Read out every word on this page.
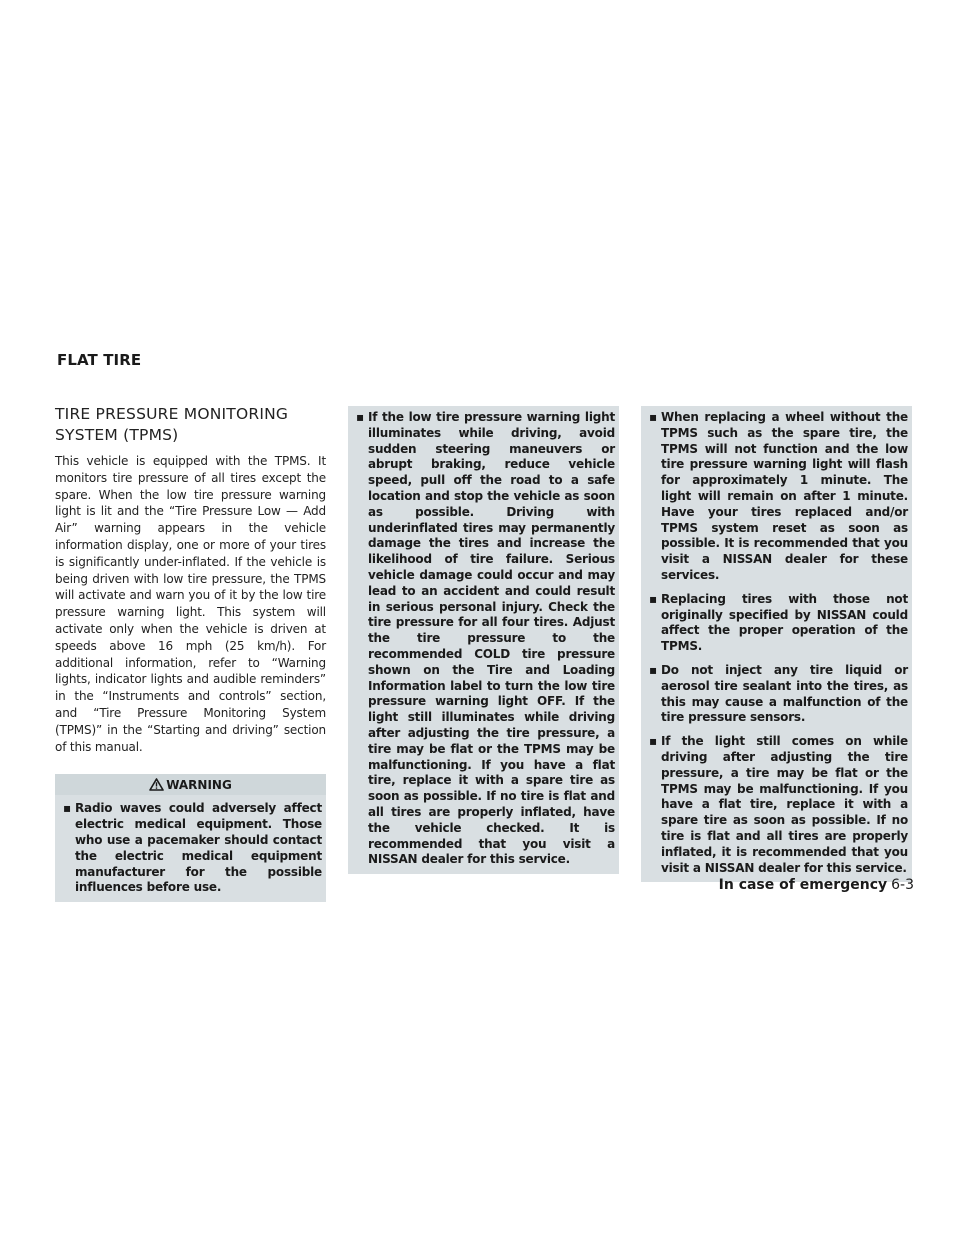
FLAT TIRE
TIRE PRESSURE MONITORING
SYSTEM (TPMS)

This vehicle is equipped with the TPMS. It monitors tire pressure of all tires except the spare. When the low tire pressure warning light is lit and the “Tire Pressure Low — Add Air” warning appears in the vehicle information display, one or more of your tires is significantly under-inflated. If the vehicle is being driven with low tire pressure, the TPMS will activate and warn you of it by the low tire pressure warning light. This system will activate only when the vehicle is driven at speeds above 16 mph (25 km/h). For additional information, refer to “Warning lights, indicator lights and audible reminders” in the “Instruments and controls” section, and “Tire Pressure Monitoring System (TPMS)” in the “Starting and driving” section of this manual.

WARNING
▪ Radio waves could adversely affect electric medical equipment. Those who use a pacemaker should contact the electric medical equipment manufacturer for the possible influences before use.
▪ If the low tire pressure warning light illuminates while driving, avoid sudden steering maneuvers or abrupt braking, reduce vehicle speed, pull off the road to a safe location and stop the vehicle as soon as possible. Driving with underinflated tires may permanently damage the tires and increase the likelihood of tire failure. Serious vehicle damage could occur and may lead to an accident and could result in serious personal injury. Check the tire pressure for all four tires. Adjust the tire pressure to the recommended COLD tire pressure shown on the Tire and Loading Information label to turn the low tire pressure warning light OFF. If the light still illuminates while driving after adjusting the tire pressure, a tire may be flat or the TPMS may be malfunctioning. If you have a flat tire, replace it with a spare tire as soon as possible. If no tire is flat and all tires are properly inflated, have the vehicle checked. It is recommended that you visit a NISSAN dealer for this service.
▪ When replacing a wheel without the TPMS such as the spare tire, the TPMS will not function and the low tire pressure warning light will flash for approximately 1 minute. The light will remain on after 1 minute. Have your tires replaced and/or TPMS system reset as soon as possible. It is recommended that you visit a NISSAN dealer for these services.
▪ Replacing tires with those not originally specified by NISSAN could affect the proper operation of the TPMS.
▪ Do not inject any tire liquid or aerosol tire sealant into the tires, as this may cause a malfunction of the tire pressure sensors.
▪ If the light still comes on while driving after adjusting the tire pressure, a tire may be flat or the TPMS may be malfunctioning. If you have a flat tire, replace it with a spare tire as soon as possible. If no tire is flat and all tires are properly inflated, it is recommended that you visit a NISSAN dealer for this service.
In case of emergency 6-3
